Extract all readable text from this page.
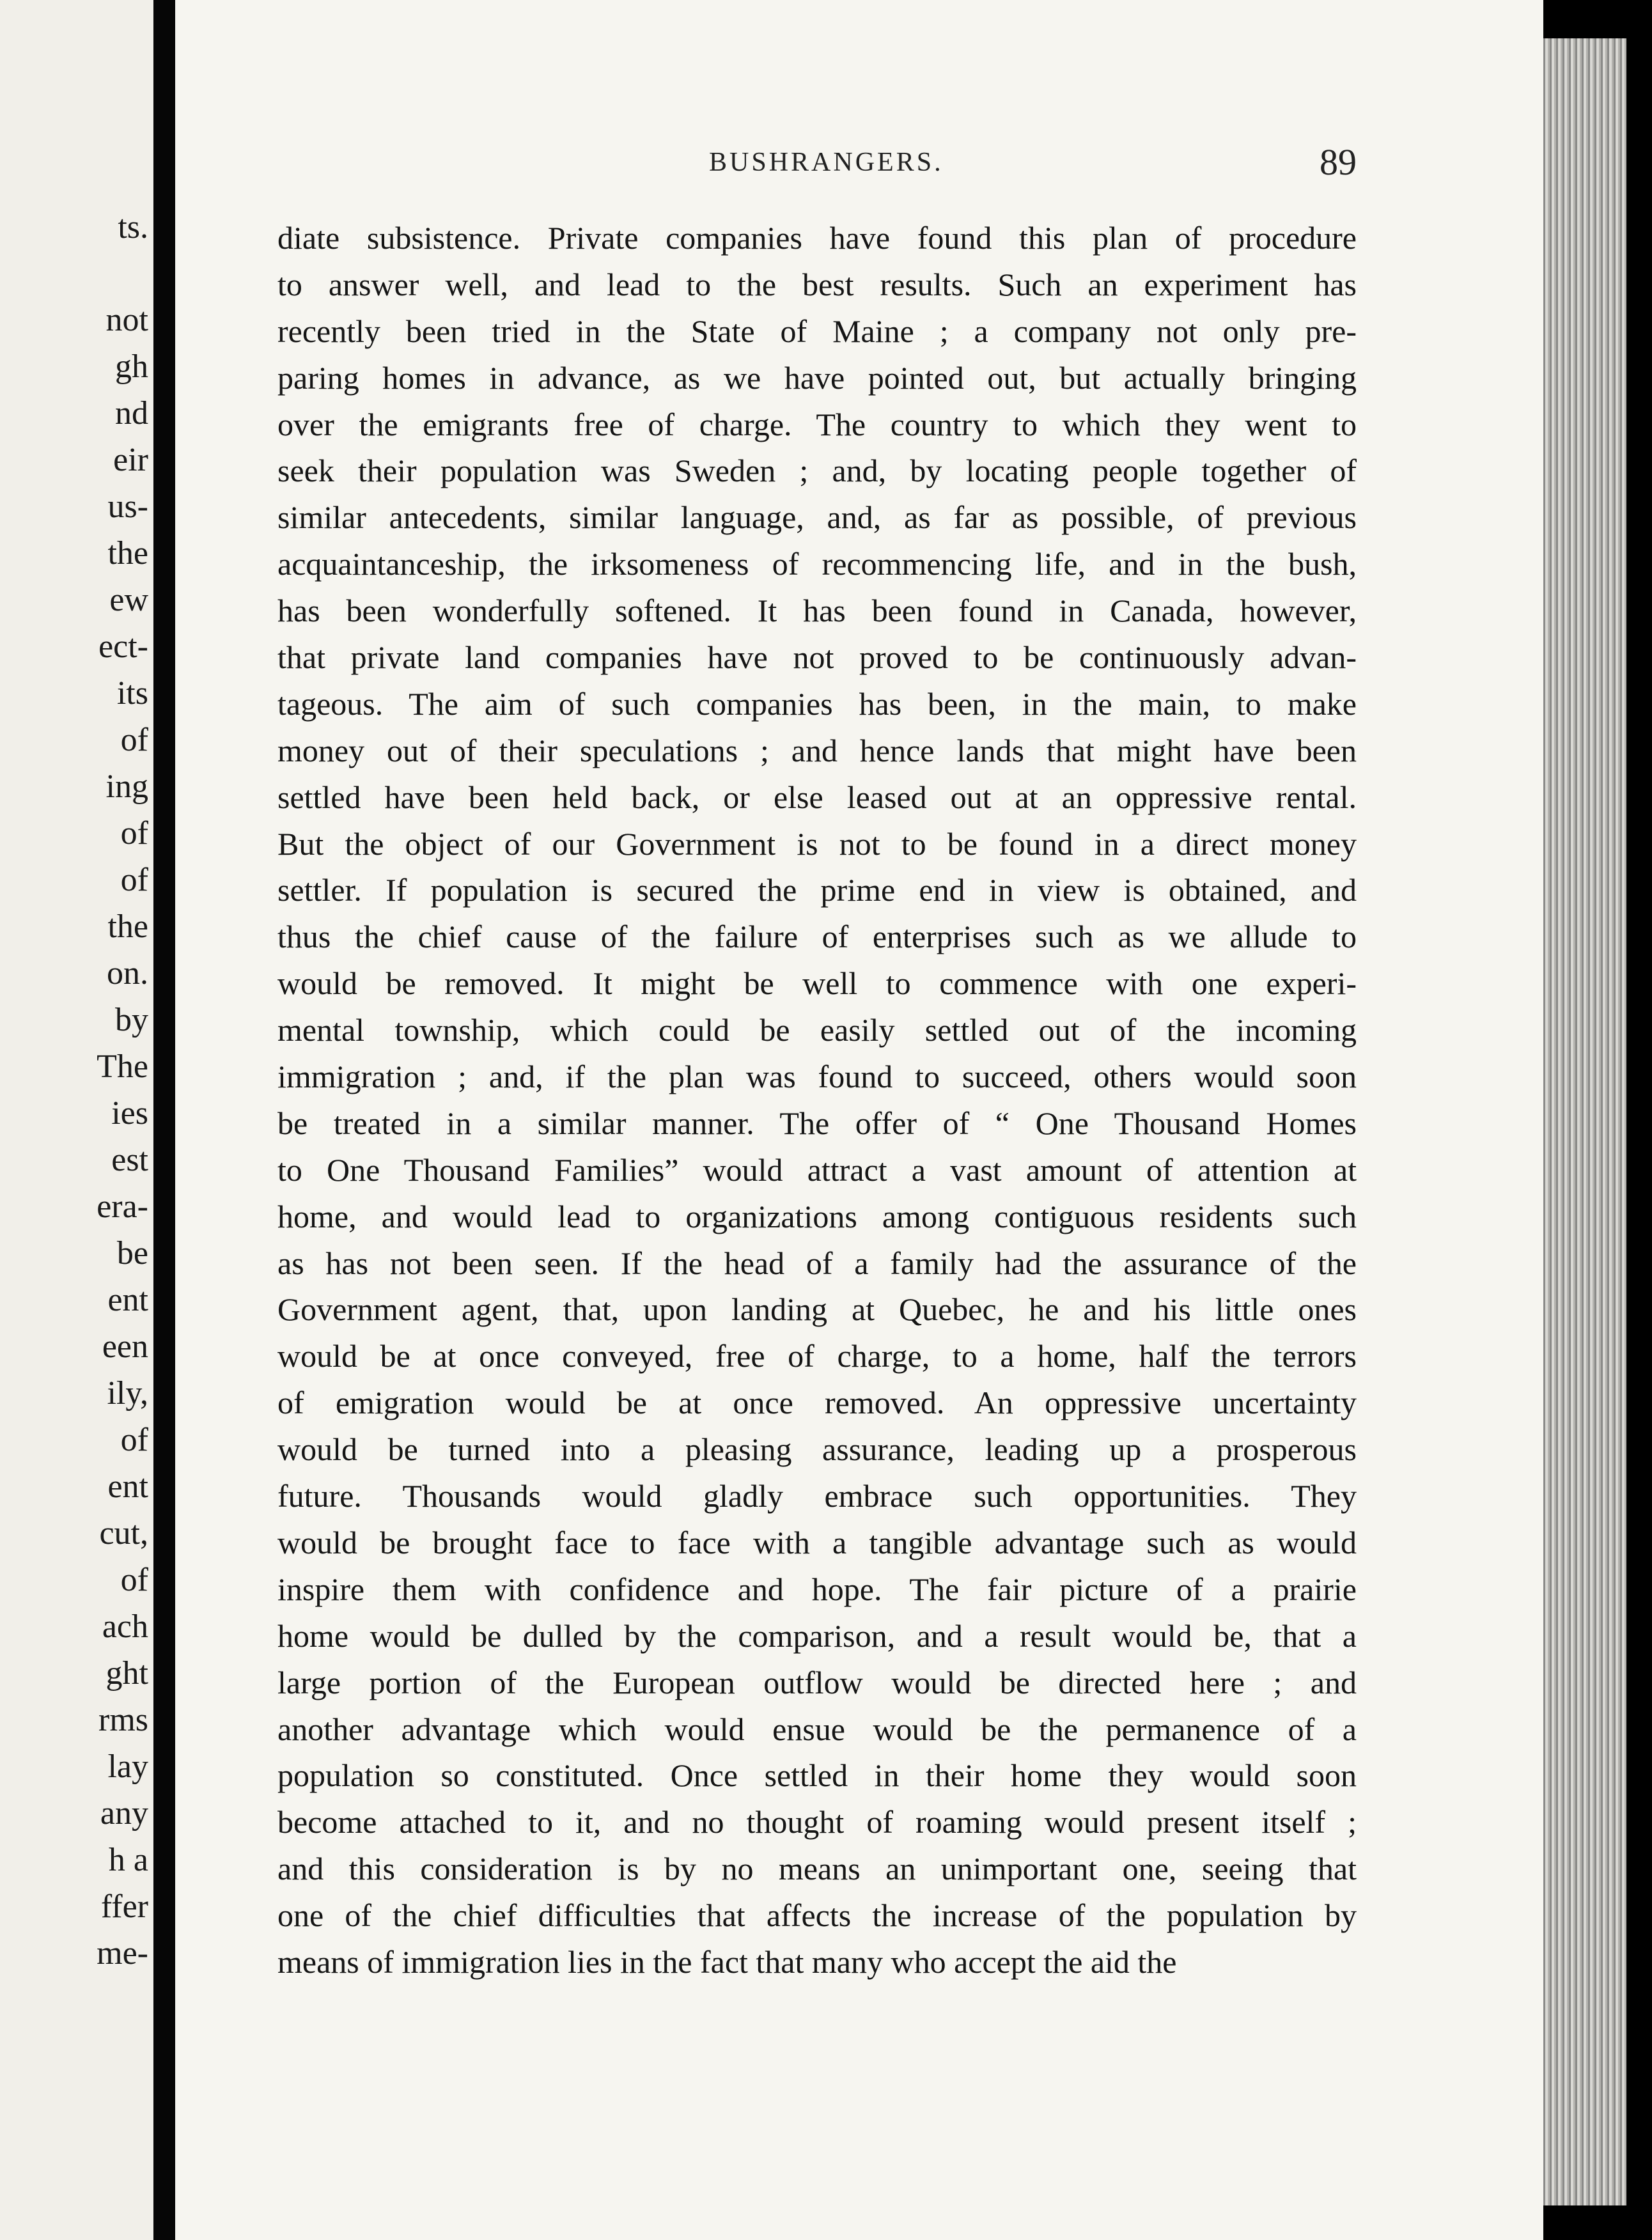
ts.
not
gh
nd
eir
us-
the
ew
ect-
its
of
ing
of
of
the
on.
by
The
ies
est
era-
be
ent
een
ily,
of
ent
cut,
of
ach
ght
rms
lay
any
h a
ffer
me-
BUSHRANGERS.	89
diate subsistence. Private companies have found this plan of procedure
to answer well, and lead to the best results. Such an experiment has
recently been tried in the State of Maine ; a company not only pre-
paring homes in advance, as we have pointed out, but actually bringing
over the emigrants free of charge. The country to which they went to
seek their population was Sweden ; and, by locating people together of
similar antecedents, similar language, and, as far as possible, of previous
acquaintanceship, the irksomeness of recommencing life, and in the bush,
has been wonderfully softened. It has been found in Canada, however,
that private land companies have not proved to be continuously advan-
tageous. The aim of such companies has been, in the main, to make
money out of their speculations ; and hence lands that might have been
settled have been held back, or else leased out at an oppressive rental.
But the object of our Government is not to be found in a direct money
settler. If population is secured the prime end in view is obtained, and
thus the chief cause of the failure of enterprises such as we allude to
would be removed. It might be well to commence with one experi-
mental township, which could be easily settled out of the incoming
immigration ; and, if the plan was found to succeed, others would soon
be treated in a similar manner. The offer of “ One Thousand Homes
to One Thousand Families” would attract a vast amount of attention at
home, and would lead to organizations among contiguous residents such
as has not been seen. If the head of a family had the assurance of the
Government agent, that, upon landing at Quebec, he and his little ones
would be at once conveyed, free of charge, to a home, half the terrors
of emigration would be at once removed. An oppressive uncertainty
would be turned into a pleasing assurance, leading up a prosperous
future. Thousands would gladly embrace such opportunities. They
would be brought face to face with a tangible advantage such as would
inspire them with confidence and hope. The fair picture of a prairie
home would be dulled by the comparison, and a result would be, that a
large portion of the European outflow would be directed here ; and
another advantage which would ensue would be the permanence of a
population so constituted. Once settled in their home they would soon
become attached to it, and no thought of roaming would present itself ;
and this consideration is by no means an unimportant one, seeing that
one of the chief difficulties that affects the increase of the population by
means of immigration lies in the fact that many who accept the aid the
